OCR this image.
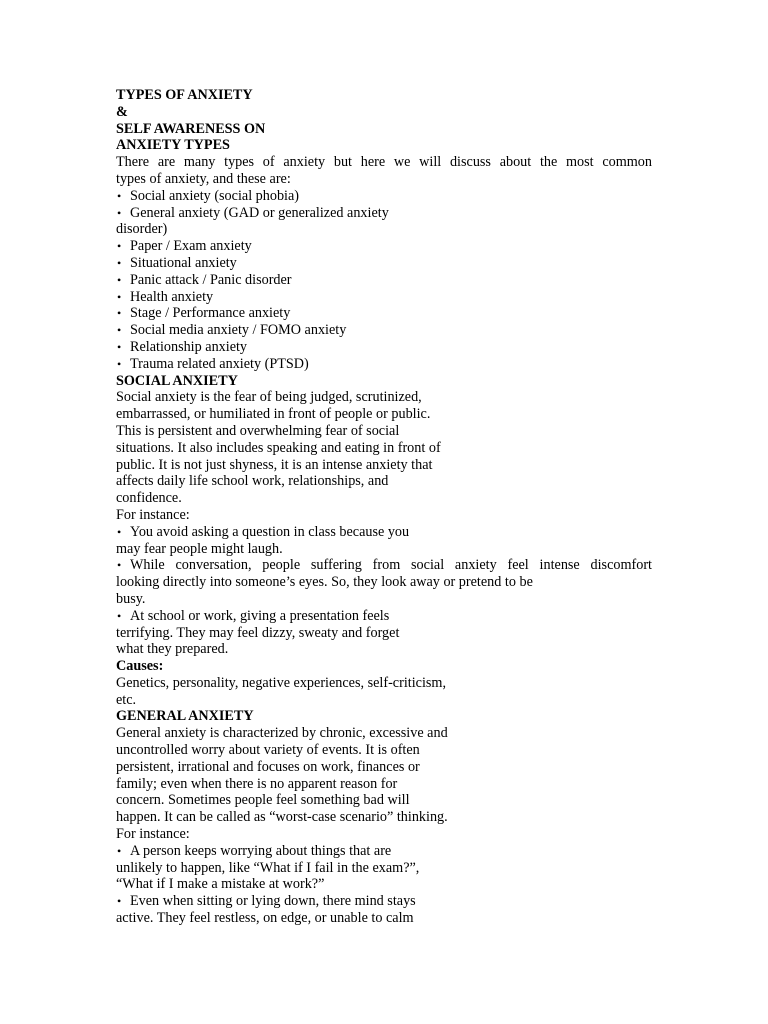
TYPES OF ANXIETY
&
SELF AWARENESS ON
ANXIETY TYPES
There are many types of anxiety but here we will discuss about the most common
types of anxiety, and these are:
• Social anxiety (social phobia)
• General anxiety (GAD or generalized anxiety
disorder)
• Paper / Exam anxiety
• Situational anxiety
• Panic attack / Panic disorder
• Health anxiety
• Stage / Performance anxiety
• Social media anxiety / FOMO anxiety
• Relationship anxiety
• Trauma related anxiety (PTSD)
SOCIAL ANXIETY
Social anxiety is the fear of being judged, scrutinized,
embarrassed, or humiliated in front of people or public.
This is persistent and overwhelming fear of social
situations. It also includes speaking and eating in front of
public. It is not just shyness, it is an intense anxiety that
affects daily life school work, relationships, and
confidence.
For instance:
• You avoid asking a question in class because you
may fear people might laugh.
• While conversation, people suffering from social anxiety feel intense discomfort
looking directly into someone’s eyes. So, they look away or pretend to be
busy.
• At school or work, giving a presentation feels
terrifying. They may feel dizzy, sweaty and forget
what they prepared.
Causes:
Genetics, personality, negative experiences, self-criticism,
etc.
GENERAL ANXIETY
General anxiety is characterized by chronic, excessive and
uncontrolled worry about variety of events. It is often
persistent, irrational and focuses on work, finances or
family; even when there is no apparent reason for
concern. Sometimes people feel something bad will
happen. It can be called as “worst-case scenario” thinking.
For instance:
• A person keeps worrying about things that are
unlikely to happen, like “What if I fail in the exam?”,
“What if I make a mistake at work?”
• Even when sitting or lying down, there mind stays
active. They feel restless, on edge, or unable to calm
